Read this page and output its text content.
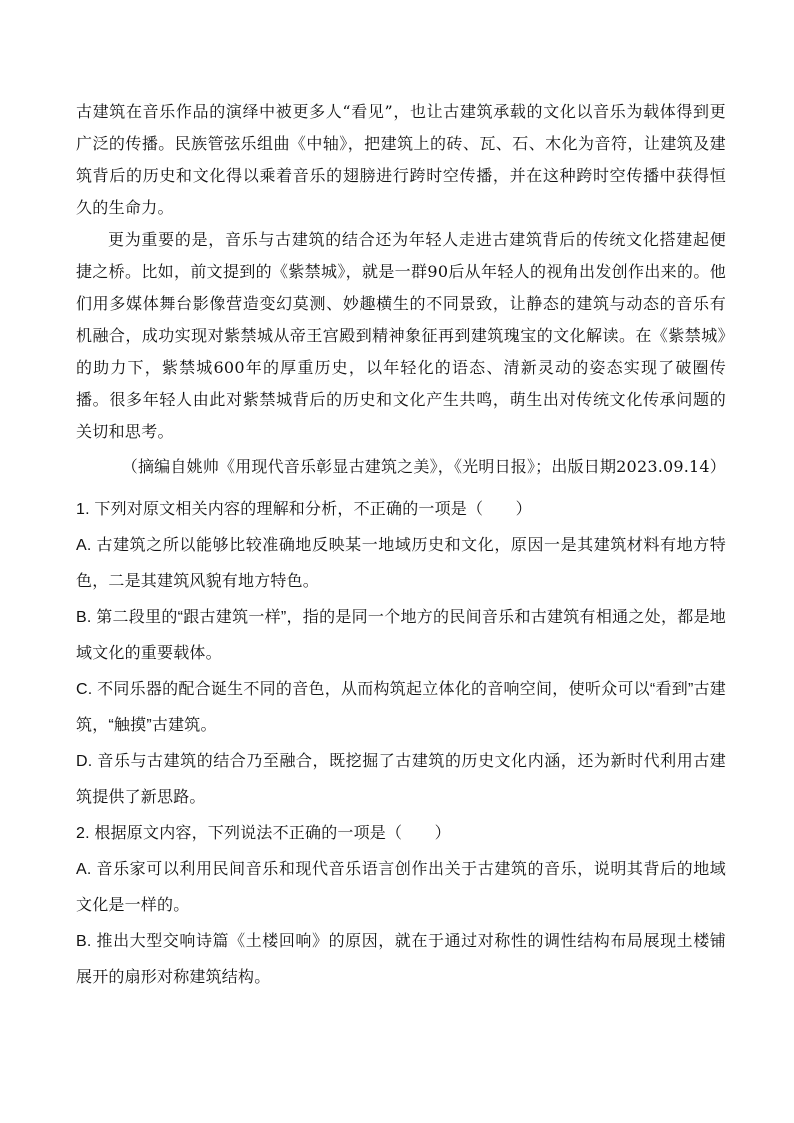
古建筑在音乐作品的演绎中被更多人“看见”，也让古建筑承载的文化以音乐为载体得到更广泛的传播。民族管弦乐组曲《中轴》，把建筑上的砖、瓦、石、木化为音符，让建筑及建筑背后的历史和文化得以乘着音乐的翅膀进行跨时空传播，并在这种跨时空传播中获得恒久的生命力。

更为重要的是，音乐与古建筑的结合还为年轻人走进古建筑背后的传统文化搭建起便捷之桥。比如，前文提到的《紫禁城》，就是一群90后从年轻人的视角出发创作出来的。他们用多媒体舞台影像营造变幻莫测、妙趣横生的不同景致，让静态的建筑与动态的音乐有机融合，成功实现对紫禁城从帝王宫殿到精神象征再到建筑瑰宝的文化解读。在《紫禁城》的助力下，紫禁城600年的厚重历史，以年轻化的语态、清新灵动的姿态实现了破圈传播。很多年轻人由此对紫禁城背后的历史和文化产生共鸣，萌生出对传统文化传承问题的关切和思考。

（摘编自姚帅《用现代音乐彰显古建筑之美》，《光明日报》；出版日期2023.09.14）

1. 下列对原文相关内容的理解和分析，不正确的一项是（　　）

A. 古建筑之所以能够比较准确地反映某一地域历史和文化，原因一是其建筑材料有地方特色，二是其建筑风貌有地方特色。

B. 第二段里的“跟古建筑一样”，指的是同一个地方的民间音乐和古建筑有相通之处，都是地域文化的重要载体。

C. 不同乐器的配合诞生不同的音色，从而构筑起立体化的音响空间，使听众可以“看到”古建筑，“触摸”古建筑。

D. 音乐与古建筑的结合乃至融合，既挖掘了古建筑的历史文化内涵，还为新时代利用古建筑提供了新思路。

2. 根据原文内容，下列说法不正确的一项是（　　）

A. 音乐家可以利用民间音乐和现代音乐语言创作出关于古建筑的音乐，说明其背后的地域文化是一样的。

B. 推出大型交响诗篇《土楼回响》的原因，就在于通过对称性的调性结构布局展现土楼铺展开的扇形对称建筑结构。
